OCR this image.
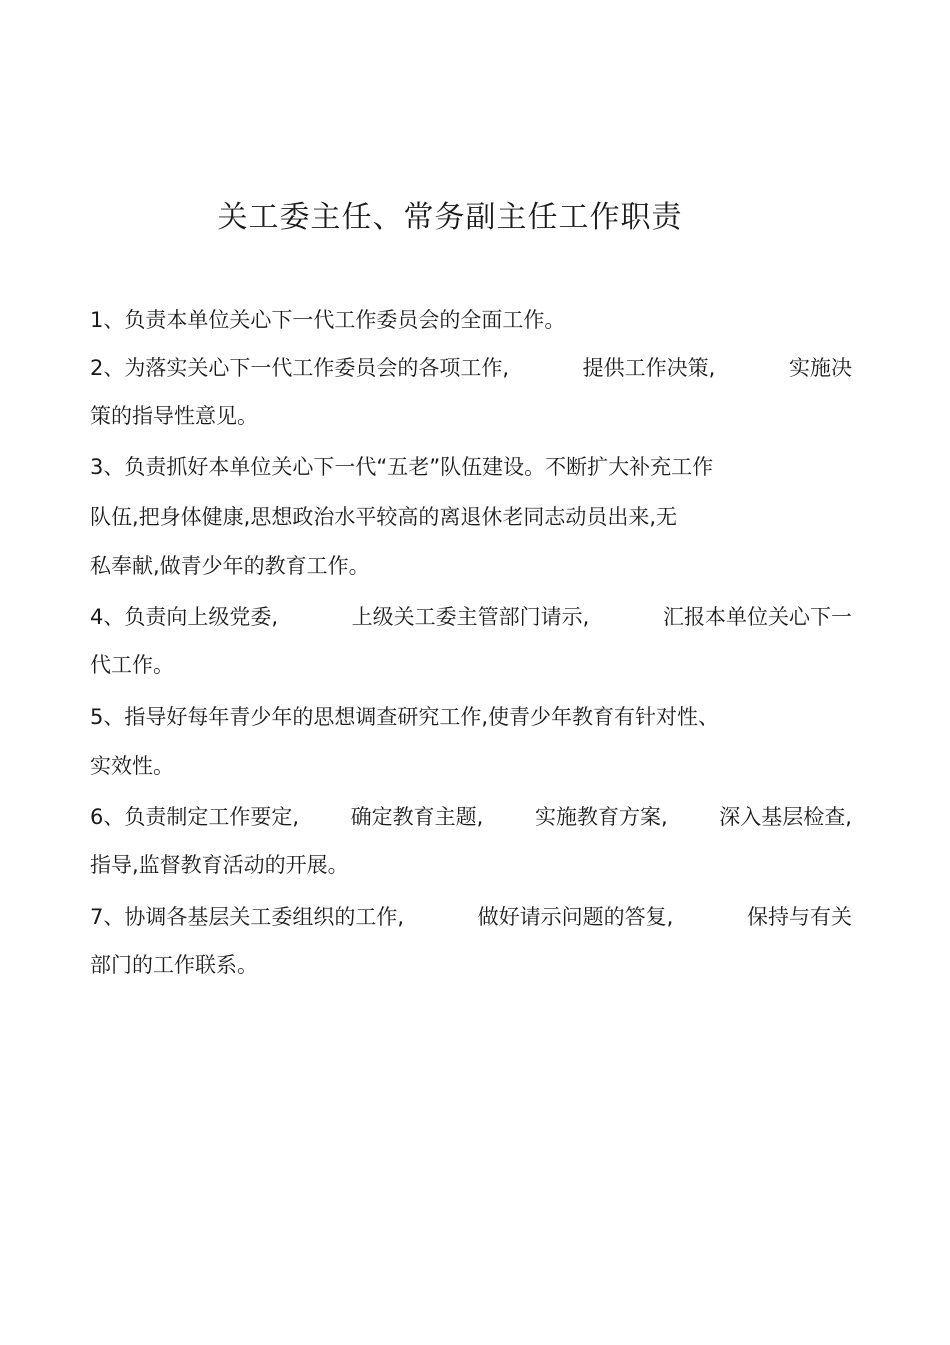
关工委主任、常务副主任工作职责

1、负责本单位关心下一代工作委员会的全面工作。

2、为落实关心下一代工作委员会的各项工作,	提供工作决策,	实施决

策的指导性意见。

3、负责抓好本单位关心下一代“五老”队伍建设。不断扩大补充工作

队伍,把身体健康,思想政治水平较高的离退休老同志动员出来,无

私奉献,做青少年的教育工作。

4、负责向上级党委,	上级关工委主管部门请示,	汇报本单位关心下一

代工作。

5、指导好每年青少年的思想调查研究工作,使青少年教育有针对性、

实效性。

6、负责制定工作要定, 确定教育主题, 实施教育方案, 深入基层检查,

指导,监督教育活动的开展。

7、协调各基层关工委组织的工作,	做好请示问题的答复,	保持与有关

部门的工作联系。
